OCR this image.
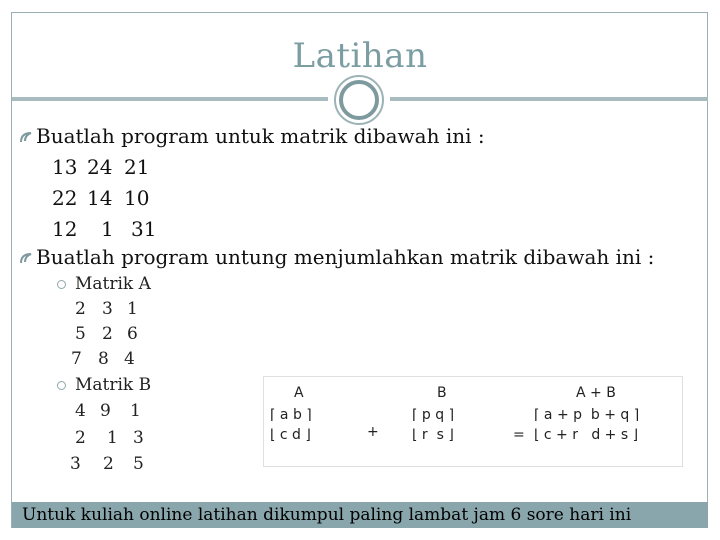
Latihan
Buatlah program untuk matrik dibawah ini :
13 24 21
22 14 10
12 1 31
Buatlah program untung menjumlahkan matrik dibawah ini :
Matrik A
2 3 1
5 2 6
7 8 4
Matrik B
4 9 1
2 1 3
3 2 5
A	B	A + B
⌈ a b ⌉
⌊ c d ⌋	+
⌈ p q ⌉
⌊ r  s ⌋	=
⌈ a + p  b + q ⌉
⌊ c + r   d + s ⌋
Untuk kuliah online latihan dikumpul paling lambat jam 6 sore hari ini
